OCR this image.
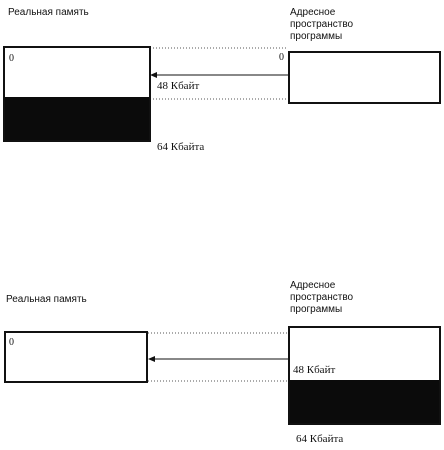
Реальная память	Адресное
пространство
программы
0	0
48 Кбайт
64 Кбайта
Реальная память
Адресное
пространство
программы
0
48 Кбайт
64 Кбайта
